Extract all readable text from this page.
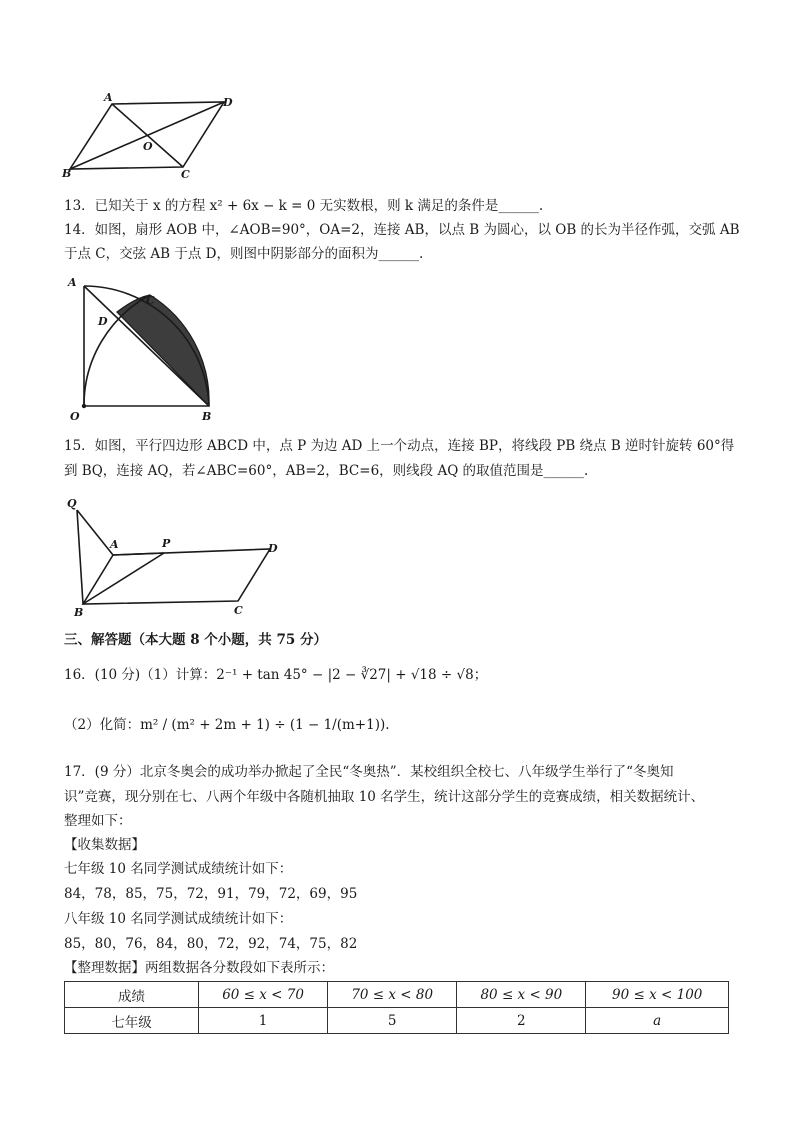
A	D
B	C
O
13．已知关于 x 的方程 x² + 6x − k = 0 无实数根，则 k 满足的条件是______.
14．如图，扇形 AOB 中，∠AOB=90°，OA=2，连接 AB，以点 B 为圆心，以 OB 的长为半径作弧，交弧 AB
于点 C，交弦 AB 于点 D，则图中阴影部分的面积为______.
A
C
D
O	B
15．如图，平行四边形 ABCD 中，点 P 为边 AD 上一个动点，连接 BP，将线段 PB 绕点 B 逆时针旋转 60°得
到 BQ，连接 AQ，若∠ABC=60°，AB=2，BC=6，则线段 AQ 的取值范围是______.
Q
A	P	D
B	C
三、解答题（本大题 8 个小题，共 75 分）
16．(10 分)（1）计算：2⁻¹ + tan 45° − |2 − ∛27| + √18 ÷ √8；
（2）化简：m² / (m² + 2m + 1) ÷ (1 − 1/(m+1)).
17．(9 分）北京冬奥会的成功举办掀起了全民“冬奥热”．某校组织全校七、八年级学生举行了“冬奥知
识”竞赛，现分别在七、八两个年级中各随机抽取 10 名学生，统计这部分学生的竞赛成绩，相关数据统计、
整理如下：
【收集数据】
七年级 10 名同学测试成绩统计如下：
84，78，85，75，72，91，79，72，69，95
八年级 10 名同学测试成绩统计如下：
85，80，76，84，80，72，92，74，75，82
【整理数据】两组数据各分数段如下表所示：
成绩	60 ≤ x < 70	70 ≤ x < 80	80 ≤ x < 90	90 ≤ x < 100
七年级	1	5	2	a
